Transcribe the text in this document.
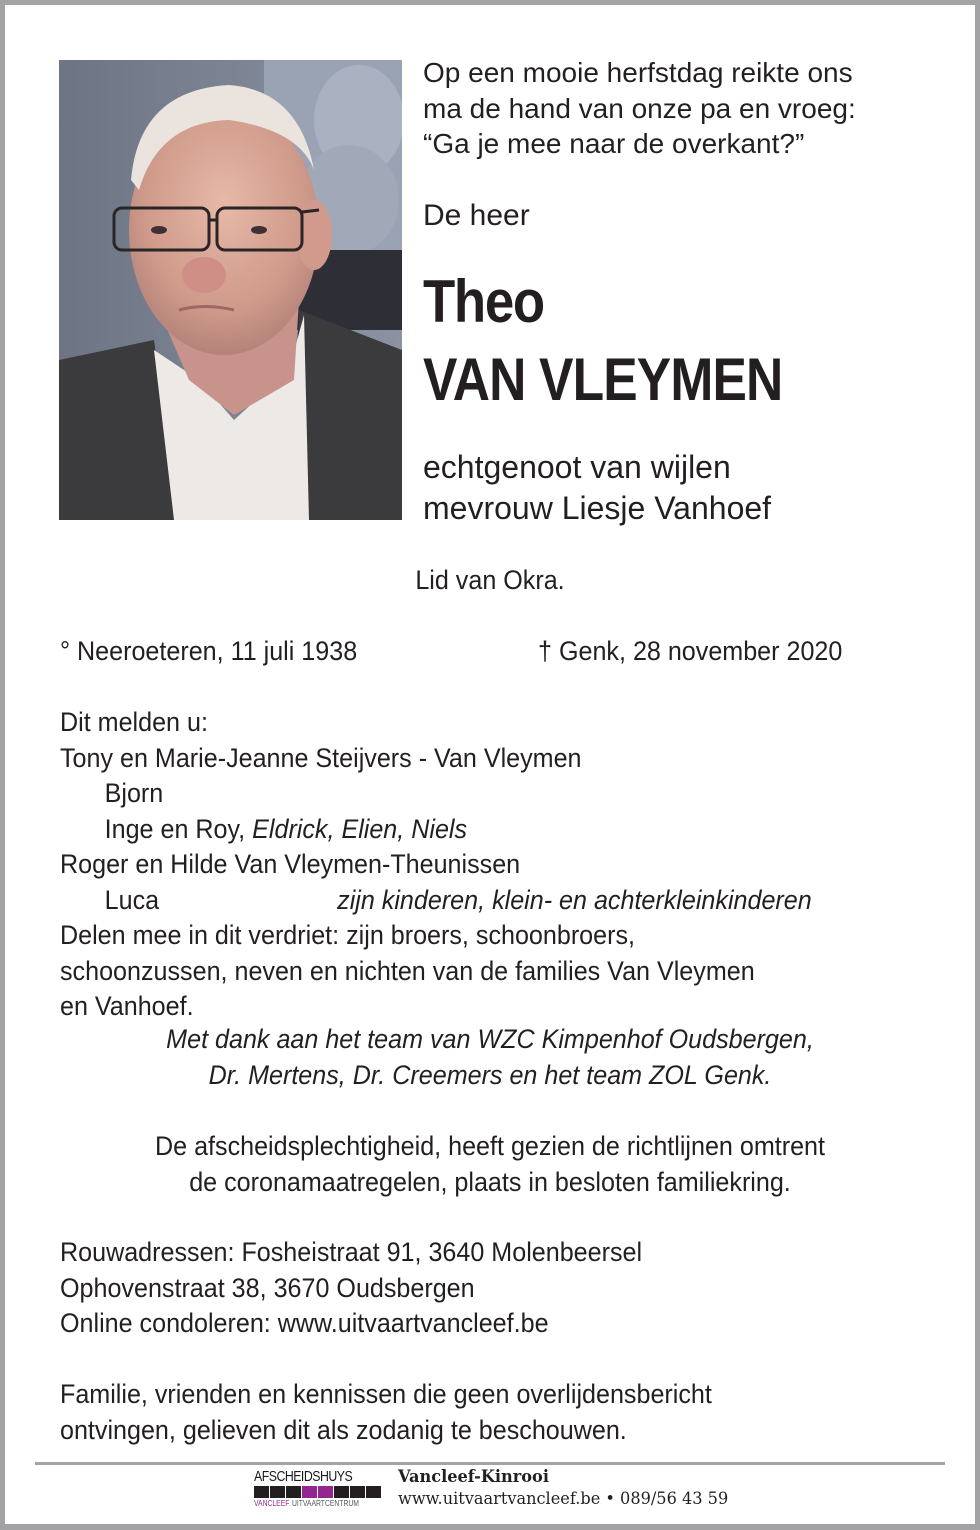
Op een mooie herfstdag reikte ons
ma de hand van onze pa en vroeg:
“Ga je mee naar de overkant?”
De heer
Theo
VAN VLEYMEN
echtgenoot van wijlen
mevrouw Liesje Vanhoef
Lid van Okra.
° Neeroeteren, 11 juli 1938	† Genk, 28 november 2020
Dit melden u:
Tony en Marie-Jeanne Steijvers - Van Vleymen
Bjorn
Inge en Roy, Eldrick, Elien, Niels
Roger en Hilde Van Vleymen-Theunissen
Luca	zijn kinderen, klein- en achterkleinkinderen
Delen mee in dit verdriet: zijn broers, schoonbroers,
schoonzussen, neven en nichten van de families Van Vleymen
en Vanhoef.
Met dank aan het team van WZC Kimpenhof Oudsbergen,
Dr. Mertens, Dr. Creemers en het team ZOL Genk.
De afscheidsplechtigheid, heeft gezien de richtlijnen omtrent
de coronamaatregelen, plaats in besloten familiekring.
Rouwadressen: Fosheistraat 91, 3640 Molenbeersel
Ophovenstraat 38, 3670 Oudsbergen
Online condoleren: www.uitvaartvancleef.be
Familie, vrienden en kennissen die geen overlijdensbericht
ontvingen, gelieven dit als zodanig te beschouwen.
AFSCHEIDSHUYS
VANCLEEF UITVAARTCENTRUM
Vancleef-Kinrooi
www.uitvaartvancleef.be • 089/56 43 59
